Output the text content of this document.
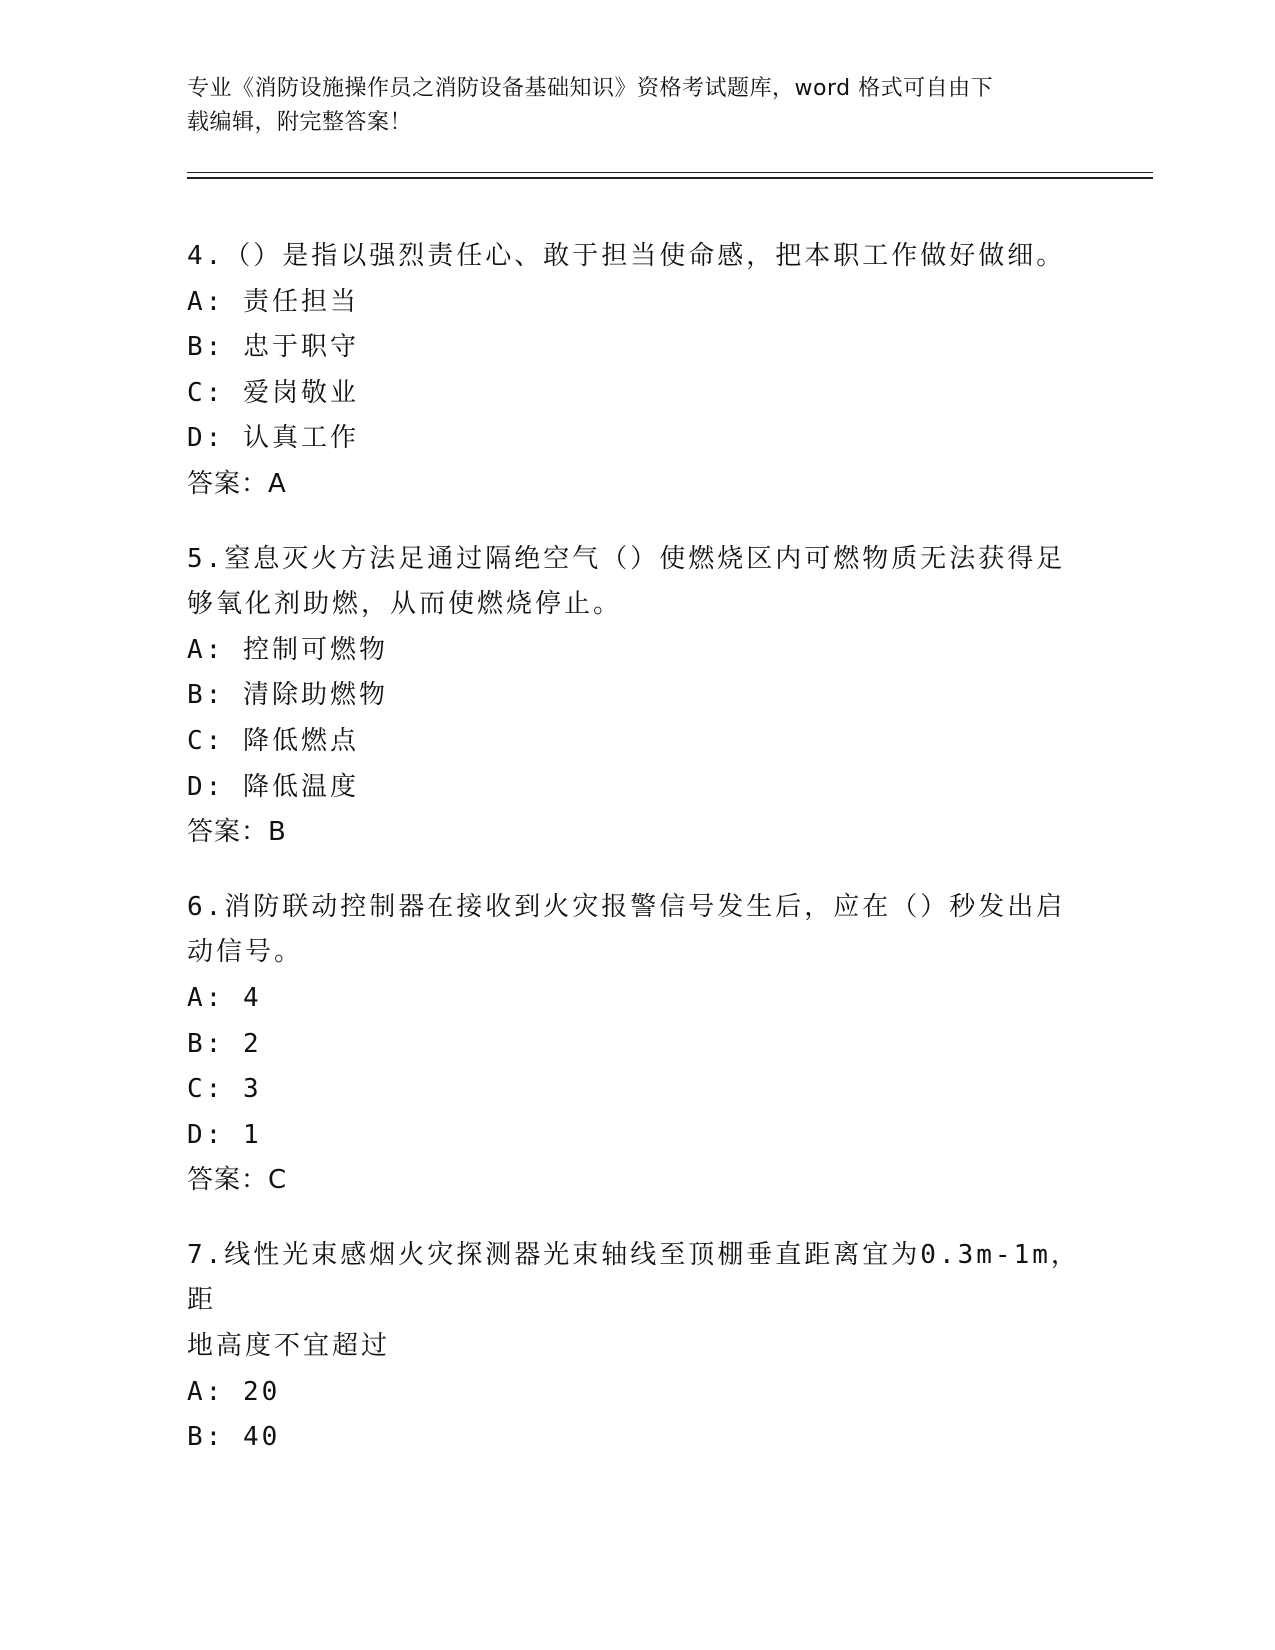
专业《消防设施操作员之消防设备基础知识》资格考试题库，word 格式可自由下
载编辑，附完整答案！
4.（）是指以强烈责任心、敢于担当使命感，把本职工作做好做细。
A: 责任担当
B: 忠于职守
C: 爱岗敬业
D: 认真工作
答案：A
5.窒息灭火方法足通过隔绝空气（）使燃烧区内可燃物质无法获得足
够氧化剂助燃，从而使燃烧停止。
A: 控制可燃物
B: 清除助燃物
C: 降低燃点
D: 降低温度
答案：B
6.消防联动控制器在接收到火灾报警信号发生后，应在（）秒发出启
动信号。
A: 4
B: 2
C: 3
D: 1
答案：C
7.线性光束感烟火灾探测器光束轴线至顶棚垂直距离宜为0.3m-1m，距
地高度不宜超过
A: 20
B: 40
